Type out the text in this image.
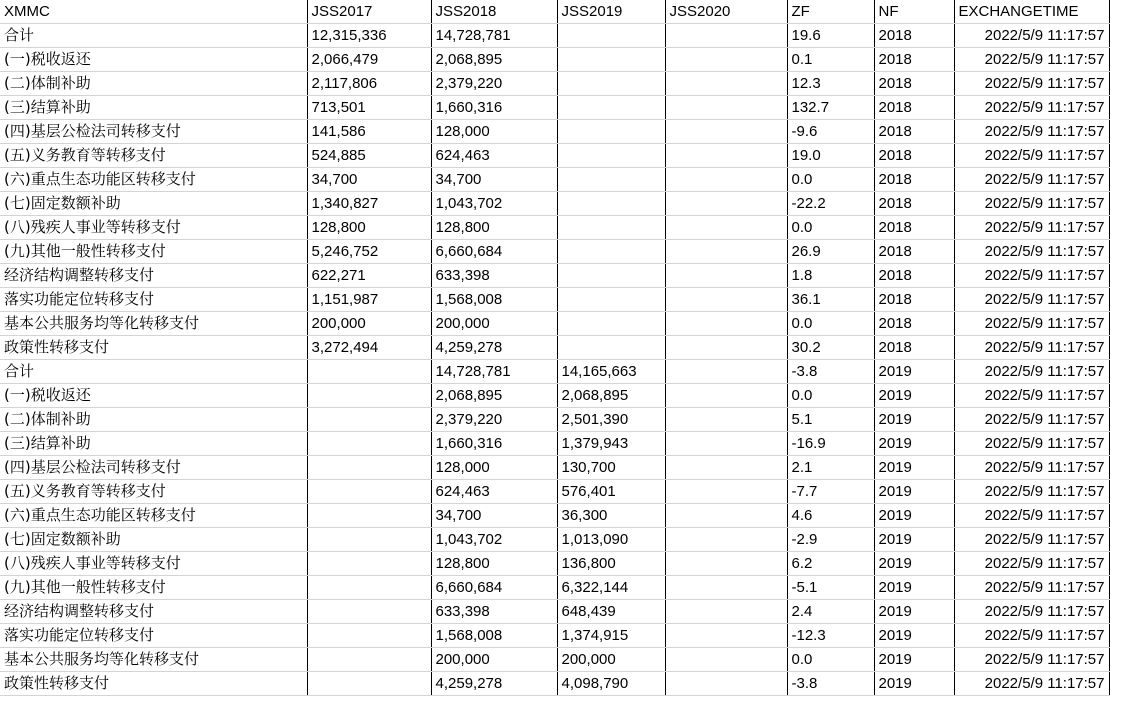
XMMC	JSS2017	JSS2018	JSS2019	JSS2020	ZF	NF	EXCHANGETIME
合计	12,315,336	14,728,781			19.6	2018	2022/5/9 11:17:57
(一)税收返还	2,066,479	2,068,895			0.1	2018	2022/5/9 11:17:57
(二)体制补助	2,117,806	2,379,220			12.3	2018	2022/5/9 11:17:57
(三)结算补助	713,501	1,660,316			132.7	2018	2022/5/9 11:17:57
(四)基层公检法司转移支付	141,586	128,000			-9.6	2018	2022/5/9 11:17:57
(五)义务教育等转移支付	524,885	624,463			19.0	2018	2022/5/9 11:17:57
(六)重点生态功能区转移支付	34,700	34,700			0.0	2018	2022/5/9 11:17:57
(七)固定数额补助	1,340,827	1,043,702			-22.2	2018	2022/5/9 11:17:57
(八)残疾人事业等转移支付	128,800	128,800			0.0	2018	2022/5/9 11:17:57
(九)其他一般性转移支付	5,246,752	6,660,684			26.9	2018	2022/5/9 11:17:57
经济结构调整转移支付	622,271	633,398			1.8	2018	2022/5/9 11:17:57
落实功能定位转移支付	1,151,987	1,568,008			36.1	2018	2022/5/9 11:17:57
基本公共服务均等化转移支付	200,000	200,000			0.0	2018	2022/5/9 11:17:57
政策性转移支付	3,272,494	4,259,278			30.2	2018	2022/5/9 11:17:57
合计		14,728,781	14,165,663		-3.8	2019	2022/5/9 11:17:57
(一)税收返还		2,068,895	2,068,895		0.0	2019	2022/5/9 11:17:57
(二)体制补助		2,379,220	2,501,390		5.1	2019	2022/5/9 11:17:57
(三)结算补助		1,660,316	1,379,943		-16.9	2019	2022/5/9 11:17:57
(四)基层公检法司转移支付		128,000	130,700		2.1	2019	2022/5/9 11:17:57
(五)义务教育等转移支付		624,463	576,401		-7.7	2019	2022/5/9 11:17:57
(六)重点生态功能区转移支付		34,700	36,300		4.6	2019	2022/5/9 11:17:57
(七)固定数额补助		1,043,702	1,013,090		-2.9	2019	2022/5/9 11:17:57
(八)残疾人事业等转移支付		128,800	136,800		6.2	2019	2022/5/9 11:17:57
(九)其他一般性转移支付		6,660,684	6,322,144		-5.1	2019	2022/5/9 11:17:57
经济结构调整转移支付		633,398	648,439		2.4	2019	2022/5/9 11:17:57
落实功能定位转移支付		1,568,008	1,374,915		-12.3	2019	2022/5/9 11:17:57
基本公共服务均等化转移支付		200,000	200,000		0.0	2019	2022/5/9 11:17:57
政策性转移支付		4,259,278	4,098,790		-3.8	2019	2022/5/9 11:17:57
